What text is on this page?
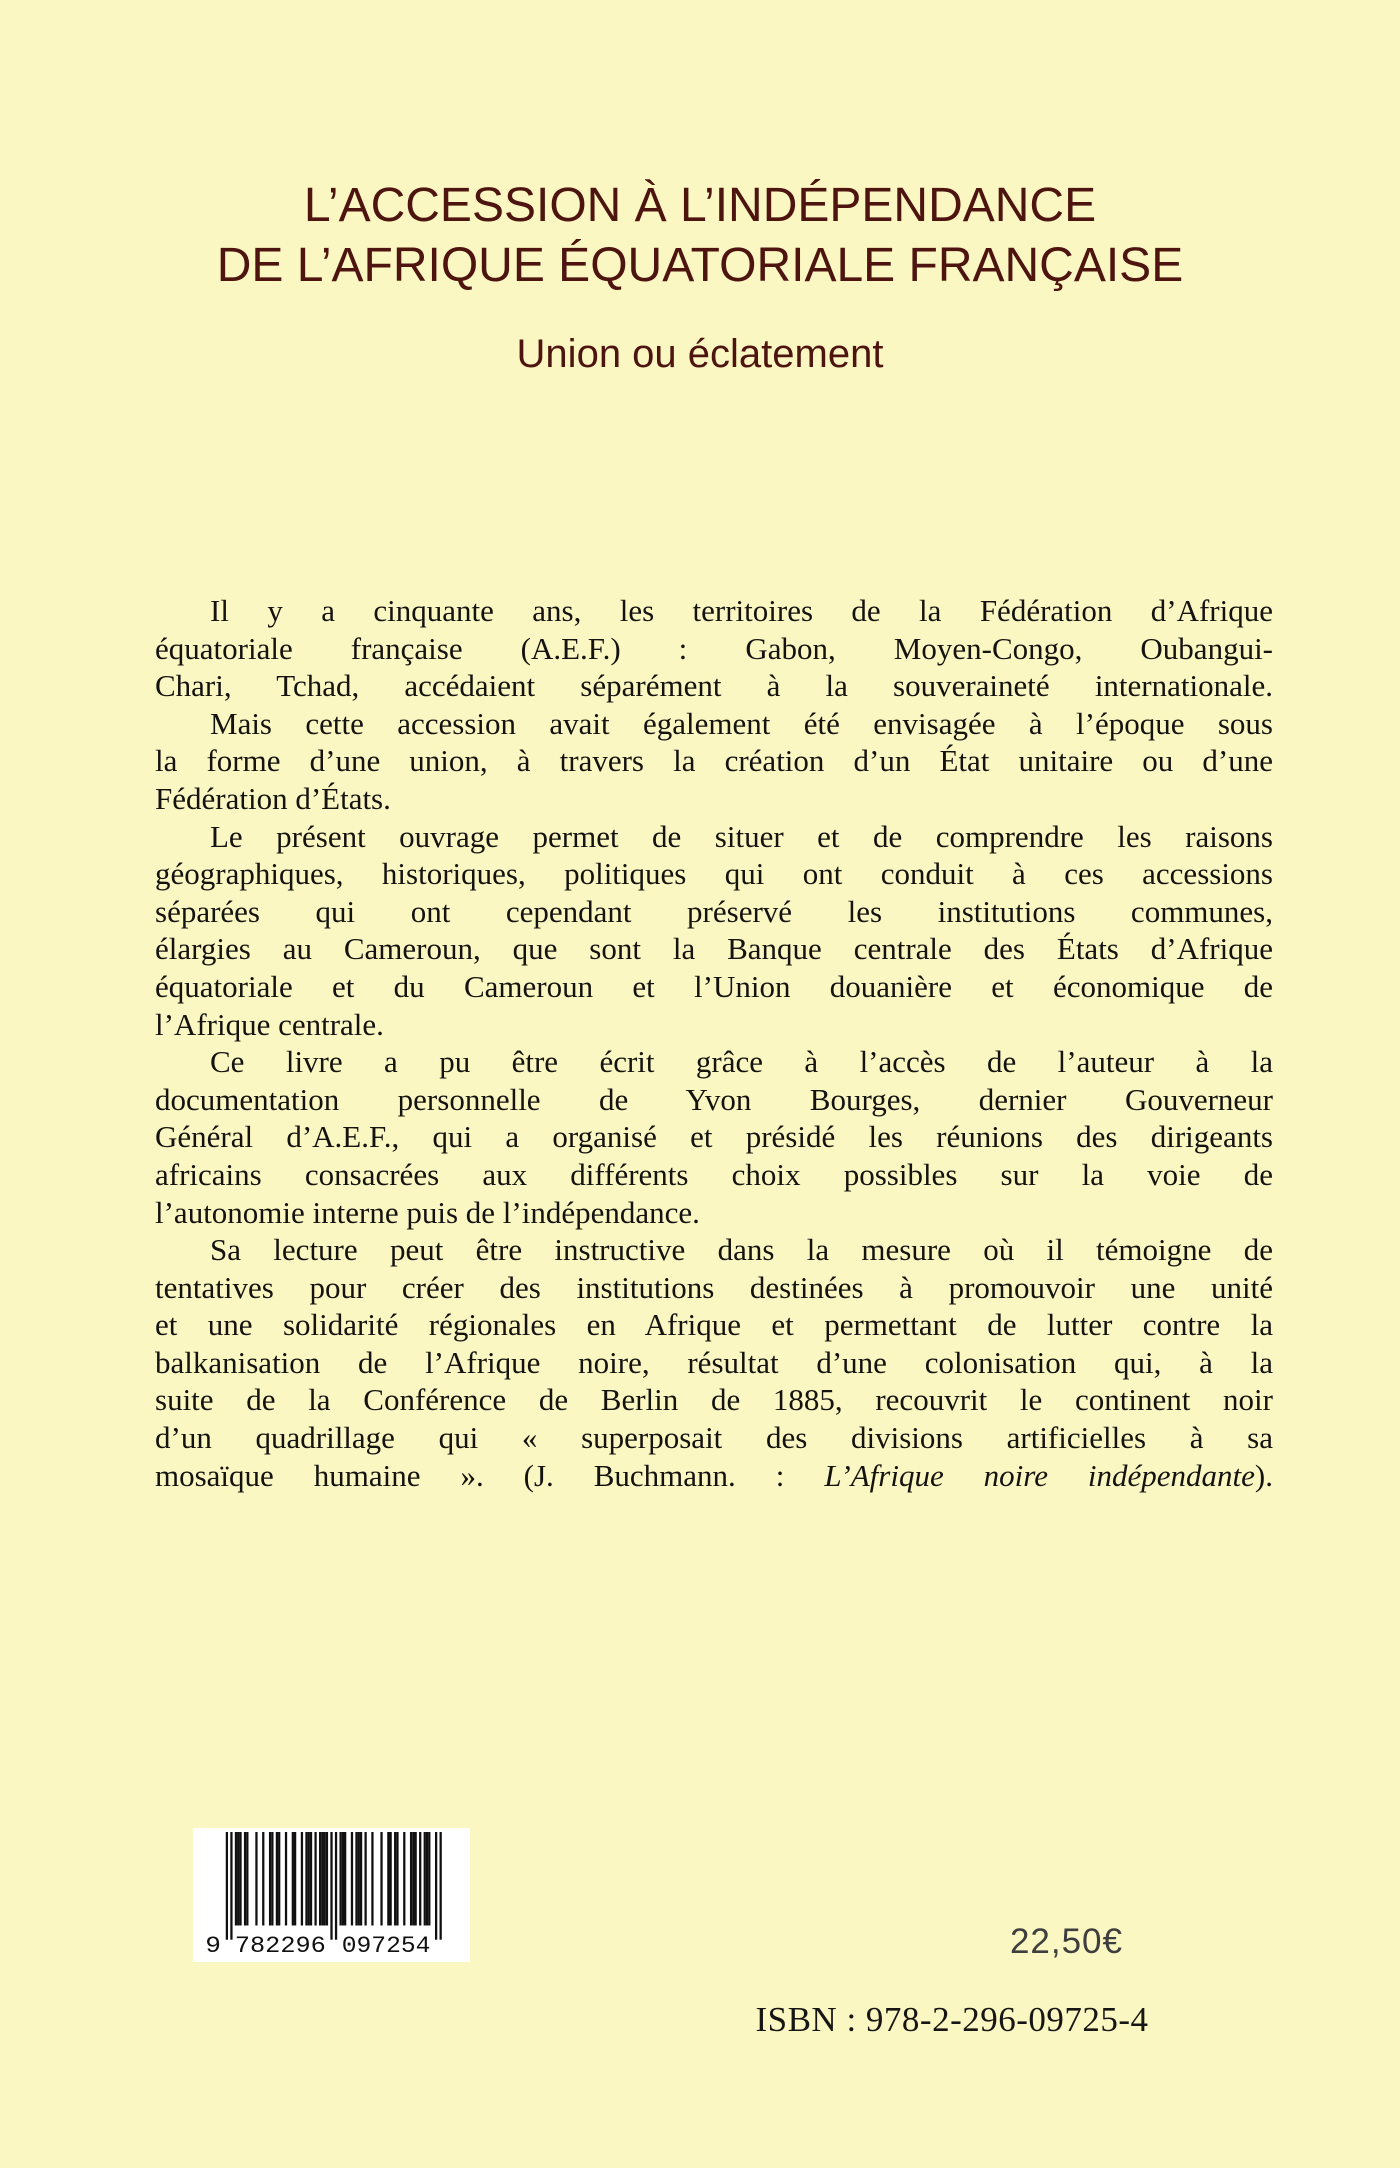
L’ACCESSION À L’INDÉPENDANCE
DE L’AFRIQUE ÉQUATORIALE FRANÇAISE
Union ou éclatement
Il y a cinquante ans, les territoires de la Fédération d’Afrique
équatoriale française (A.E.F.) : Gabon, Moyen-Congo, Oubangui-
Chari, Tchad, accédaient séparément à la souveraineté internationale.
Mais cette accession avait également été envisagée à l’époque sous
la forme d’une union, à travers la création d’un État unitaire ou d’une
Fédération d’États.
Le présent ouvrage permet de situer et de comprendre les raisons
géographiques, historiques, politiques qui ont conduit à ces accessions
séparées qui ont cependant préservé les institutions communes,
élargies au Cameroun, que sont la Banque centrale des États d’Afrique
équatoriale et du Cameroun et l’Union douanière et économique de
l’Afrique centrale.
Ce livre a pu être écrit grâce à l’accès de l’auteur à la
documentation personnelle de Yvon Bourges, dernier Gouverneur
Général d’A.E.F., qui a organisé et présidé les réunions des dirigeants
africains consacrées aux différents choix possibles sur la voie de
l’autonomie interne puis de l’indépendance.
Sa lecture peut être instructive dans la mesure où il témoigne de
tentatives pour créer des institutions destinées à promouvoir une unité
et une solidarité régionales en Afrique et permettant de lutter contre la
balkanisation de l’Afrique noire, résultat d’une colonisation qui, à la
suite de la Conférence de Berlin de 1885, recouvrit le continent noir
d’un quadrillage qui « superposait des divisions artificielles à sa
mosaïque humaine ». (J. Buchmann. : L’Afrique noire indépendante).
9 782296 097254	22,50€
ISBN : 978-2-296-09725-4
